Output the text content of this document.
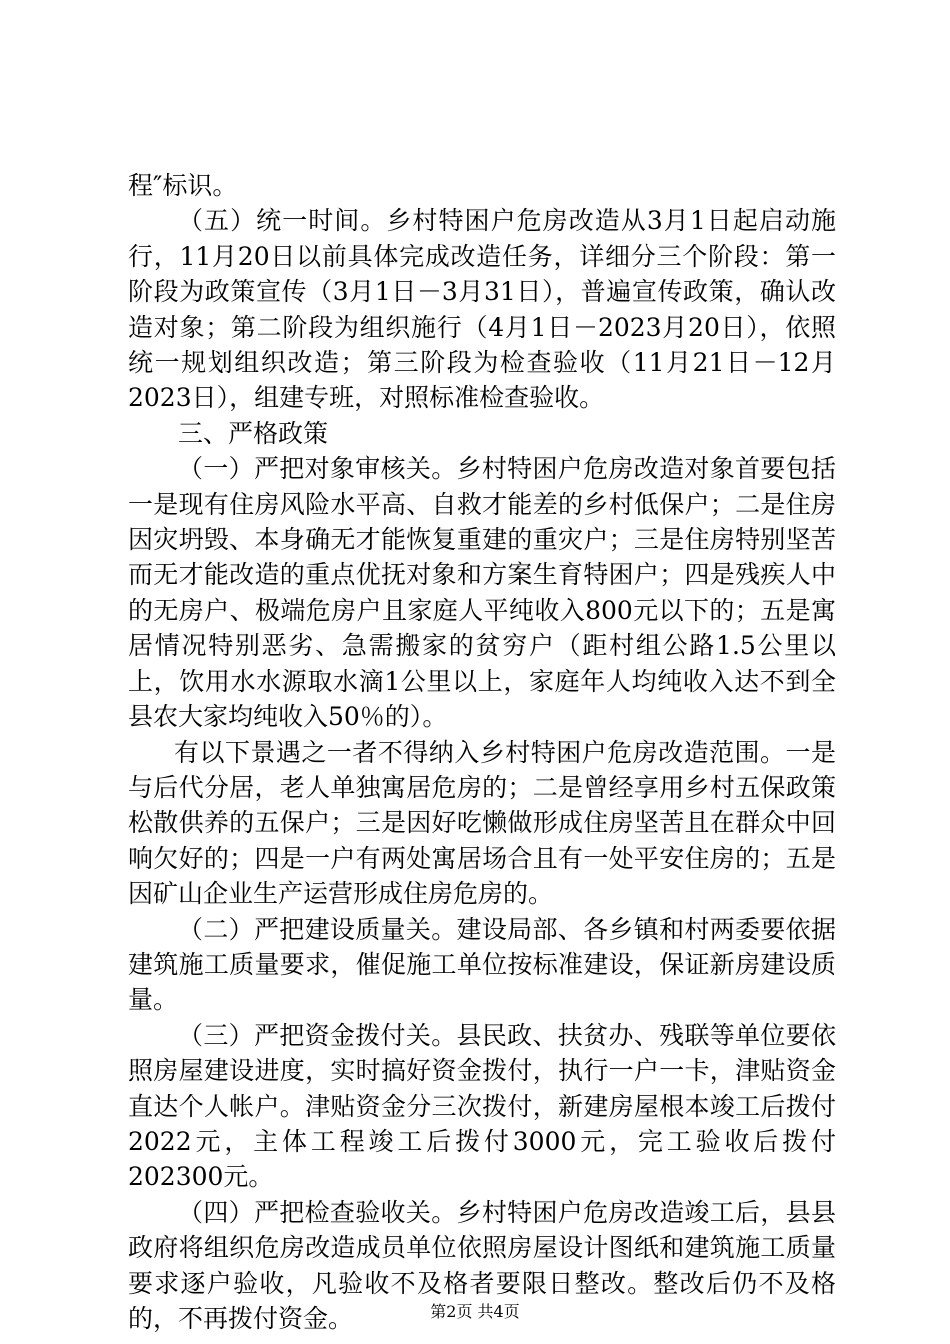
程″标识。

（五）统一时间。乡村特困户危房改造从3月1日起启动施行，11月20日以前具体完成改造任务，详细分三个阶段：第一阶段为政策宣传（3月1日－3月31日），普遍宣传政策，确认改造对象；第二阶段为组织施行（4月1日－2023月20日），依照统一规划组织改造；第三阶段为检查验收（11月21日－12月2023日），组建专班，对照标准检查验收。

三、严格政策

（一）严把对象审核关。乡村特困户危房改造对象首要包括一是现有住房风险水平高、自救才能差的乡村低保户；二是住房因灾坍毁、本身确无才能恢复重建的重灾户；三是住房特别坚苦而无才能改造的重点优抚对象和方案生育特困户；四是残疾人中的无房户、极端危房户且家庭人平纯收入800元以下的；五是寓居情况特别恶劣、急需搬家的贫穷户（距村组公路1.5公里以上，饮用水水源取水滴1公里以上，家庭年人均纯收入达不到全县农大家均纯收入50％的）。

有以下景遇之一者不得纳入乡村特困户危房改造范围。一是与后代分居，老人单独寓居危房的；二是曾经享用乡村五保政策松散供养的五保户；三是因好吃懒做形成住房坚苦且在群众中回响欠好的；四是一户有两处寓居场合且有一处平安住房的；五是因矿山企业生产运营形成住房危房的。

（二）严把建设质量关。建设局部、各乡镇和村两委要依据建筑施工质量要求，催促施工单位按标准建设，保证新房建设质量。

（三）严把资金拨付关。县民政、扶贫办、残联等单位要依照房屋建设进度，实时搞好资金拨付，执行一户一卡，津贴资金直达个人帐户。津贴资金分三次拨付，新建房屋根本竣工后拨付2022元，主体工程竣工后拨付3000元，完工验收后拨付202300元。

（四）严把检查验收关。乡村特困户危房改造竣工后，县县政府将组织危房改造成员单位依照房屋设计图纸和建筑施工质量要求逐户验收，凡验收不及格者要限日整改。整改后仍不及格的，不再拨付资金。	第2页 共4页
